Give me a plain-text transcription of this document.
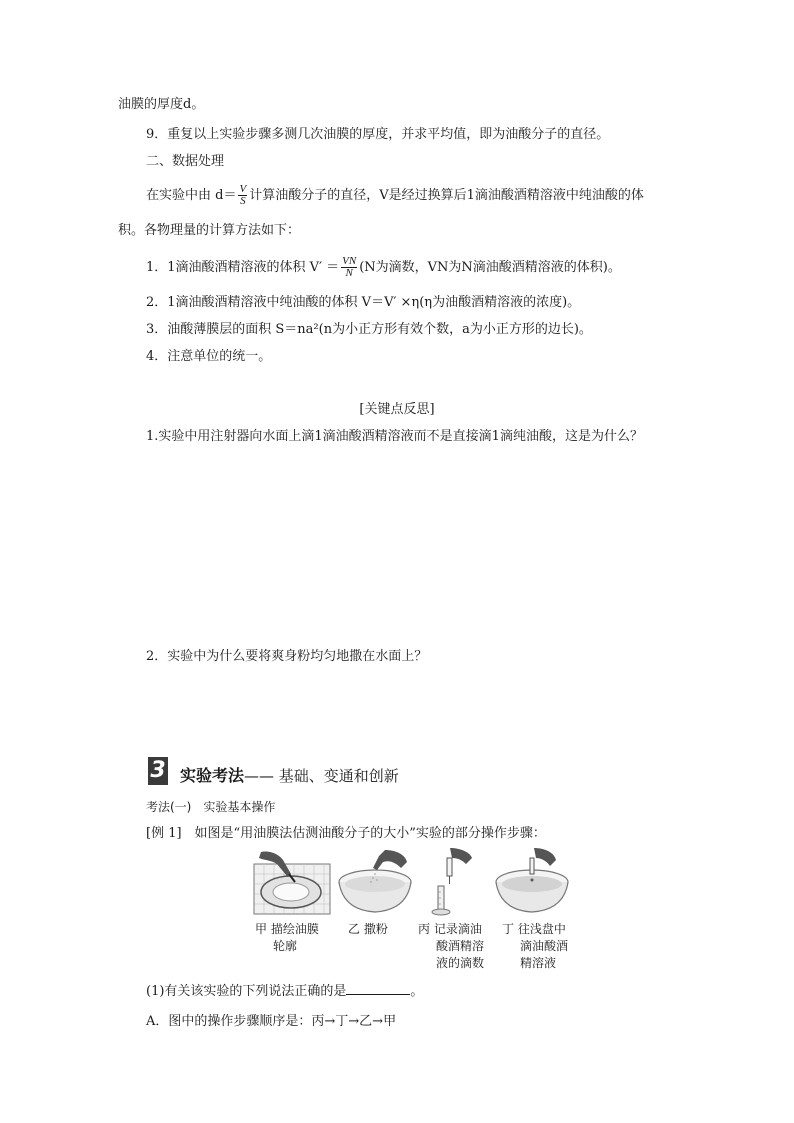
油膜的厚度d。
9．重复以上实验步骤多测几次油膜的厚度，并求平均值，即为油酸分子的直径。
二、数据处理
在实验中由 $d= \frac{V}{S}$ 计算油酸分子的直径，V是经过换算后1滴油酸酒精溶液中纯油酸的体
积。各物理量的计算方法如下：
1．1滴油酸酒精溶液的体积 $V' = \frac{VN}{N} (N$为滴数，VN为N滴油酸酒精溶液的体积)。
2．1滴油酸酒精溶液中纯油酸的体积 V＝V′ ×η(η为油酸酒精溶液的浓度)。
3．油酸薄膜层的面积 S＝na²(n为小正方形有效个数，a为小正方形的边长)。
4．注意单位的统一。
[关键点反思]
1.实验中用注射器向水面上滴1滴油酸酒精溶液而不是直接滴1滴纯油酸，这是为什么？
2．实验中为什么要将爽身粉均匀地撒在水面上？
3 实验考法—— 基础、变通和创新
考法(一)　实验基本操作
[例 1]　如图是“用油膜法估测油酸分子的大小”实验的部分操作步骤：
甲 描绘油膜
轮廓
乙 撒粉	丙 记录滴油
酸酒精溶
液的滴数
丁 往浅盘中
滴油酸酒
精溶液
(1)有关该实验的下列说法正确的是	。
A．图中的操作步骤顺序是：丙→丁→乙→甲
